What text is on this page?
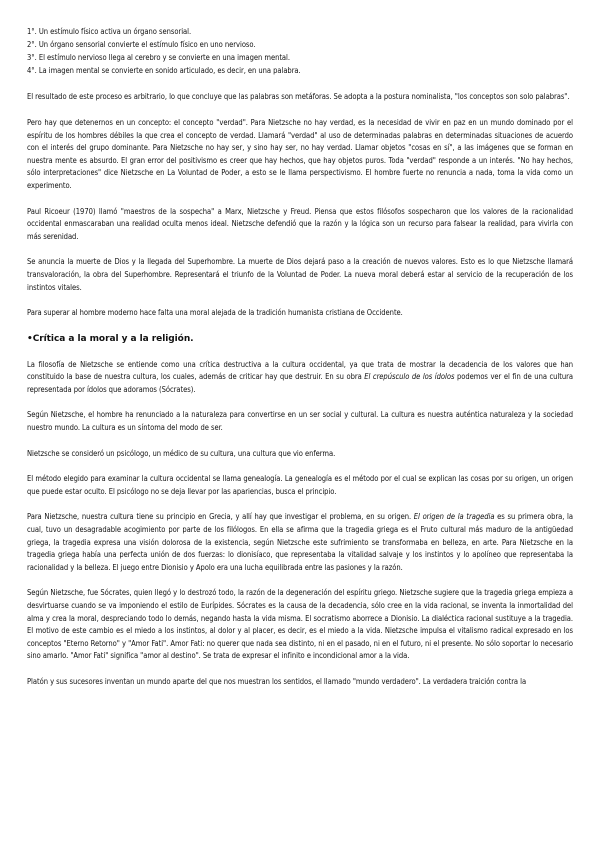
1°. Un estímulo físico activa un órgano sensorial.
2°. Un órgano sensorial convierte el estímulo físico en uno nervioso.
3°. El estímulo nervioso llega al cerebro y se convierte en una imagen mental.
4°. La imagen mental se convierte en sonido articulado, es decir, en una palabra.

El resultado de este proceso es arbitrario, lo que concluye que las palabras son metáforas. Se adopta a la postura nominalista, "los conceptos son solo palabras".

Pero hay que detenernos en un concepto: el concepto "verdad". Para Nietzsche no hay verdad, es la necesidad de vivir en paz en un mundo dominado por el espíritu de los hombres débiles la que crea el concepto de verdad. Llamará "verdad" al uso de determinadas palabras en determinadas situaciones de acuerdo con el interés del grupo dominante. Para Nietzsche no hay ser, y sino hay ser, no hay verdad. Llamar objetos "cosas en sí", a las imágenes que se forman en nuestra mente es absurdo. El gran error del positivismo es creer que hay hechos, que hay objetos puros. Toda "verdad" responde a un interés. "No hay hechos, sólo interpretaciones" dice Nietzsche en La Voluntad de Poder, a esto se le llama perspectivismo. El hombre fuerte no renuncia a nada, toma la vida como un experimento.

Paul Ricoeur (1970) llamó "maestros de la sospecha" a Marx, Nietzsche y Freud. Piensa que estos filósofos sospecharon que los valores de la racionalidad occidental enmascaraban una realidad oculta menos ideal. Nietzsche defendió que la razón y la lógica son un recurso para falsear la realidad, para vivirla con más serenidad.

Se anuncia la muerte de Dios y la llegada del Superhombre. La muerte de Dios dejará paso a la creación de nuevos valores. Esto es lo que Nietzsche llamará transvaloración, la obra del Superhombre. Representará el triunfo de la Voluntad de Poder. La nueva moral deberá estar al servicio de la recuperación de los instintos vitales.

Para superar al hombre moderno hace falta una moral alejada de la tradición humanista cristiana de Occidente.

•Crítica a la moral y a la religión.

La filosofía de Nietzsche se entiende como una crítica destructiva a la cultura occidental, ya que trata de mostrar la decadencia de los valores que han constituido la base de nuestra cultura, los cuales, además de criticar hay que destruir. En su obra El crepúsculo de los ídolos podemos ver el fin de una cultura representada por ídolos que adoramos (Sócrates).

Según Nietzsche, el hombre ha renunciado a la naturaleza para convertirse en un ser social y cultural. La cultura es nuestra auténtica naturaleza y la sociedad nuestro mundo. La cultura es un síntoma del modo de ser.

Nietzsche se consideró un psicólogo, un médico de su cultura, una cultura que vio enferma.

El método elegido para examinar la cultura occidental se llama genealogía. La genealogía es el método por el cual se explican las cosas por su origen, un origen que puede estar oculto. El psicólogo no se deja llevar por las apariencias, busca el principio.

Para Nietzsche, nuestra cultura tiene su principio en Grecia, y allí hay que investigar el problema, en su origen. El origen de la tragedia es su primera obra, la cual, tuvo un desagradable acogimiento por parte de los filólogos. En ella se afirma que la tragedia griega es el Fruto cultural más maduro de la antigüedad griega, la tragedia expresa una visión dolorosa de la existencia, según Nietzsche este sufrimiento se transformaba en belleza, en arte. Para Nietzsche en la tragedia griega había una perfecta unión de dos fuerzas: lo dionisíaco, que representaba la vitalidad salvaje y los instintos y lo apolíneo que representaba la racionalidad y la belleza. El juego entre Dionisio y Apolo era una lucha equilibrada entre las pasiones y la razón.

Según Nietzsche, fue Sócrates, quien llegó y lo destrozó todo, la razón de la degeneración del espíritu griego. Nietzsche sugiere que la tragedia griega empieza a desvirtuarse cuando se va imponiendo el estilo de Eurípides. Sócrates es la causa de la decadencia, sólo cree en la vida racional, se inventa la inmortalidad del alma y crea la moral, despreciando todo lo demás, negando hasta la vida misma. El socratismo aborrece a Dionisio. La dialéctica racional sustituye a la tragedia. El motivo de este cambio es el miedo a los instintos, al dolor y al placer, es decir, es el miedo a la vida. Nietzsche impulsa el vitalismo radical expresado en los conceptos "Eterno Retorno" y "Amor Fati". Amor Fati: no querer que nada sea distinto, ni en el pasado, ni en el futuro, ni el presente. No sólo soportar lo necesario sino amarlo. "Amor Fati" significa "amor al destino". Se trata de expresar el infinito e incondicional amor a la vida.

Platón y sus sucesores inventan un mundo aparte del que nos muestran los sentidos, el llamado "mundo verdadero". La verdadera traición contra la
